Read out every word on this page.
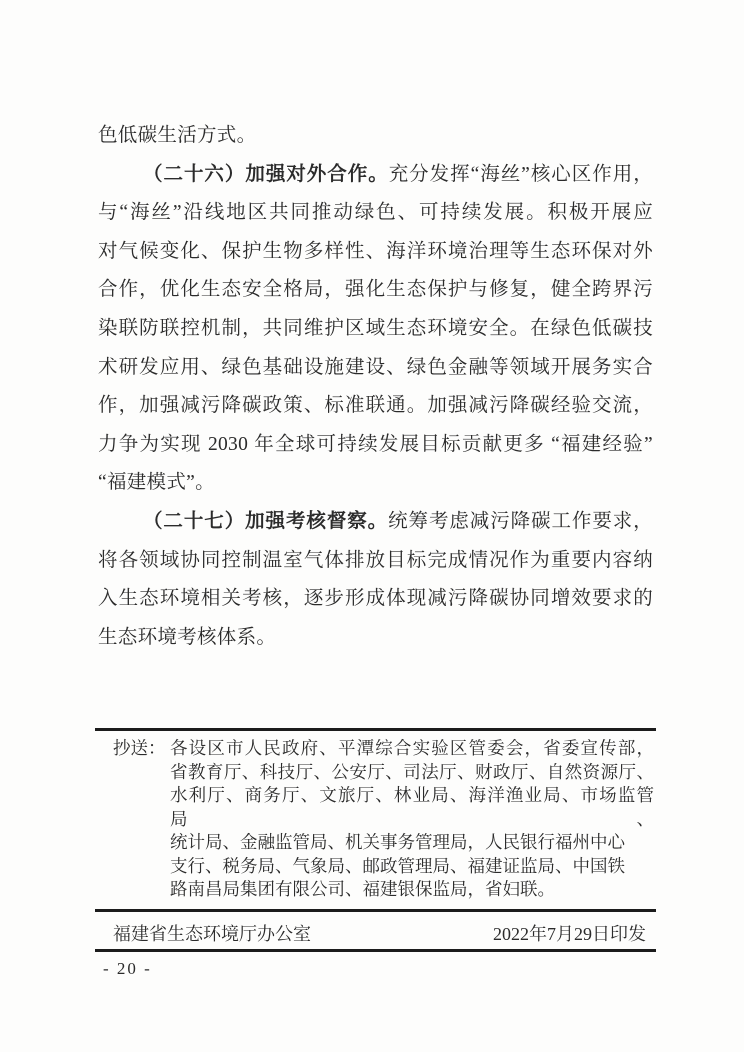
色低碳生活方式。

（二十六）加强对外合作。充分发挥“海丝”核心区作用，

与“海丝”沿线地区共同推动绿色、可持续发展。积极开展应

对气候变化、保护生物多样性、海洋环境治理等生态环保对外

合作，优化生态安全格局，强化生态保护与修复，健全跨界污

染联防联控机制，共同维护区域生态环境安全。在绿色低碳技

术研发应用、绿色基础设施建设、绿色金融等领域开展务实合

作，加强减污降碳政策、标准联通。加强减污降碳经验交流，

力争为实现 2030 年全球可持续发展目标贡献更多 “福建经验”

“福建模式”。

（二十七）加强考核督察。统筹考虑减污降碳工作要求，

将各领域协同控制温室气体排放目标完成情况作为重要内容纳

入生态环境相关考核，逐步形成体现减污降碳协同增效要求的

生态环境考核体系。

抄送： 各设区市人民政府、平潭综合实验区管委会，省委宣传部，
省教育厅、科技厅、公安厅、司法厅、财政厅、自然资源厅、
水利厅、商务厅、文旅厅、林业局、海洋渔业局、市场监管局、
统计局、金融监管局、机关事务管理局，人民银行福州中心
支行、税务局、气象局、邮政管理局、福建证监局、中国铁
路南昌局集团有限公司、福建银保监局，省妇联。
福建省生态环境厅办公室	2022年7月29日印发
- 20 -
